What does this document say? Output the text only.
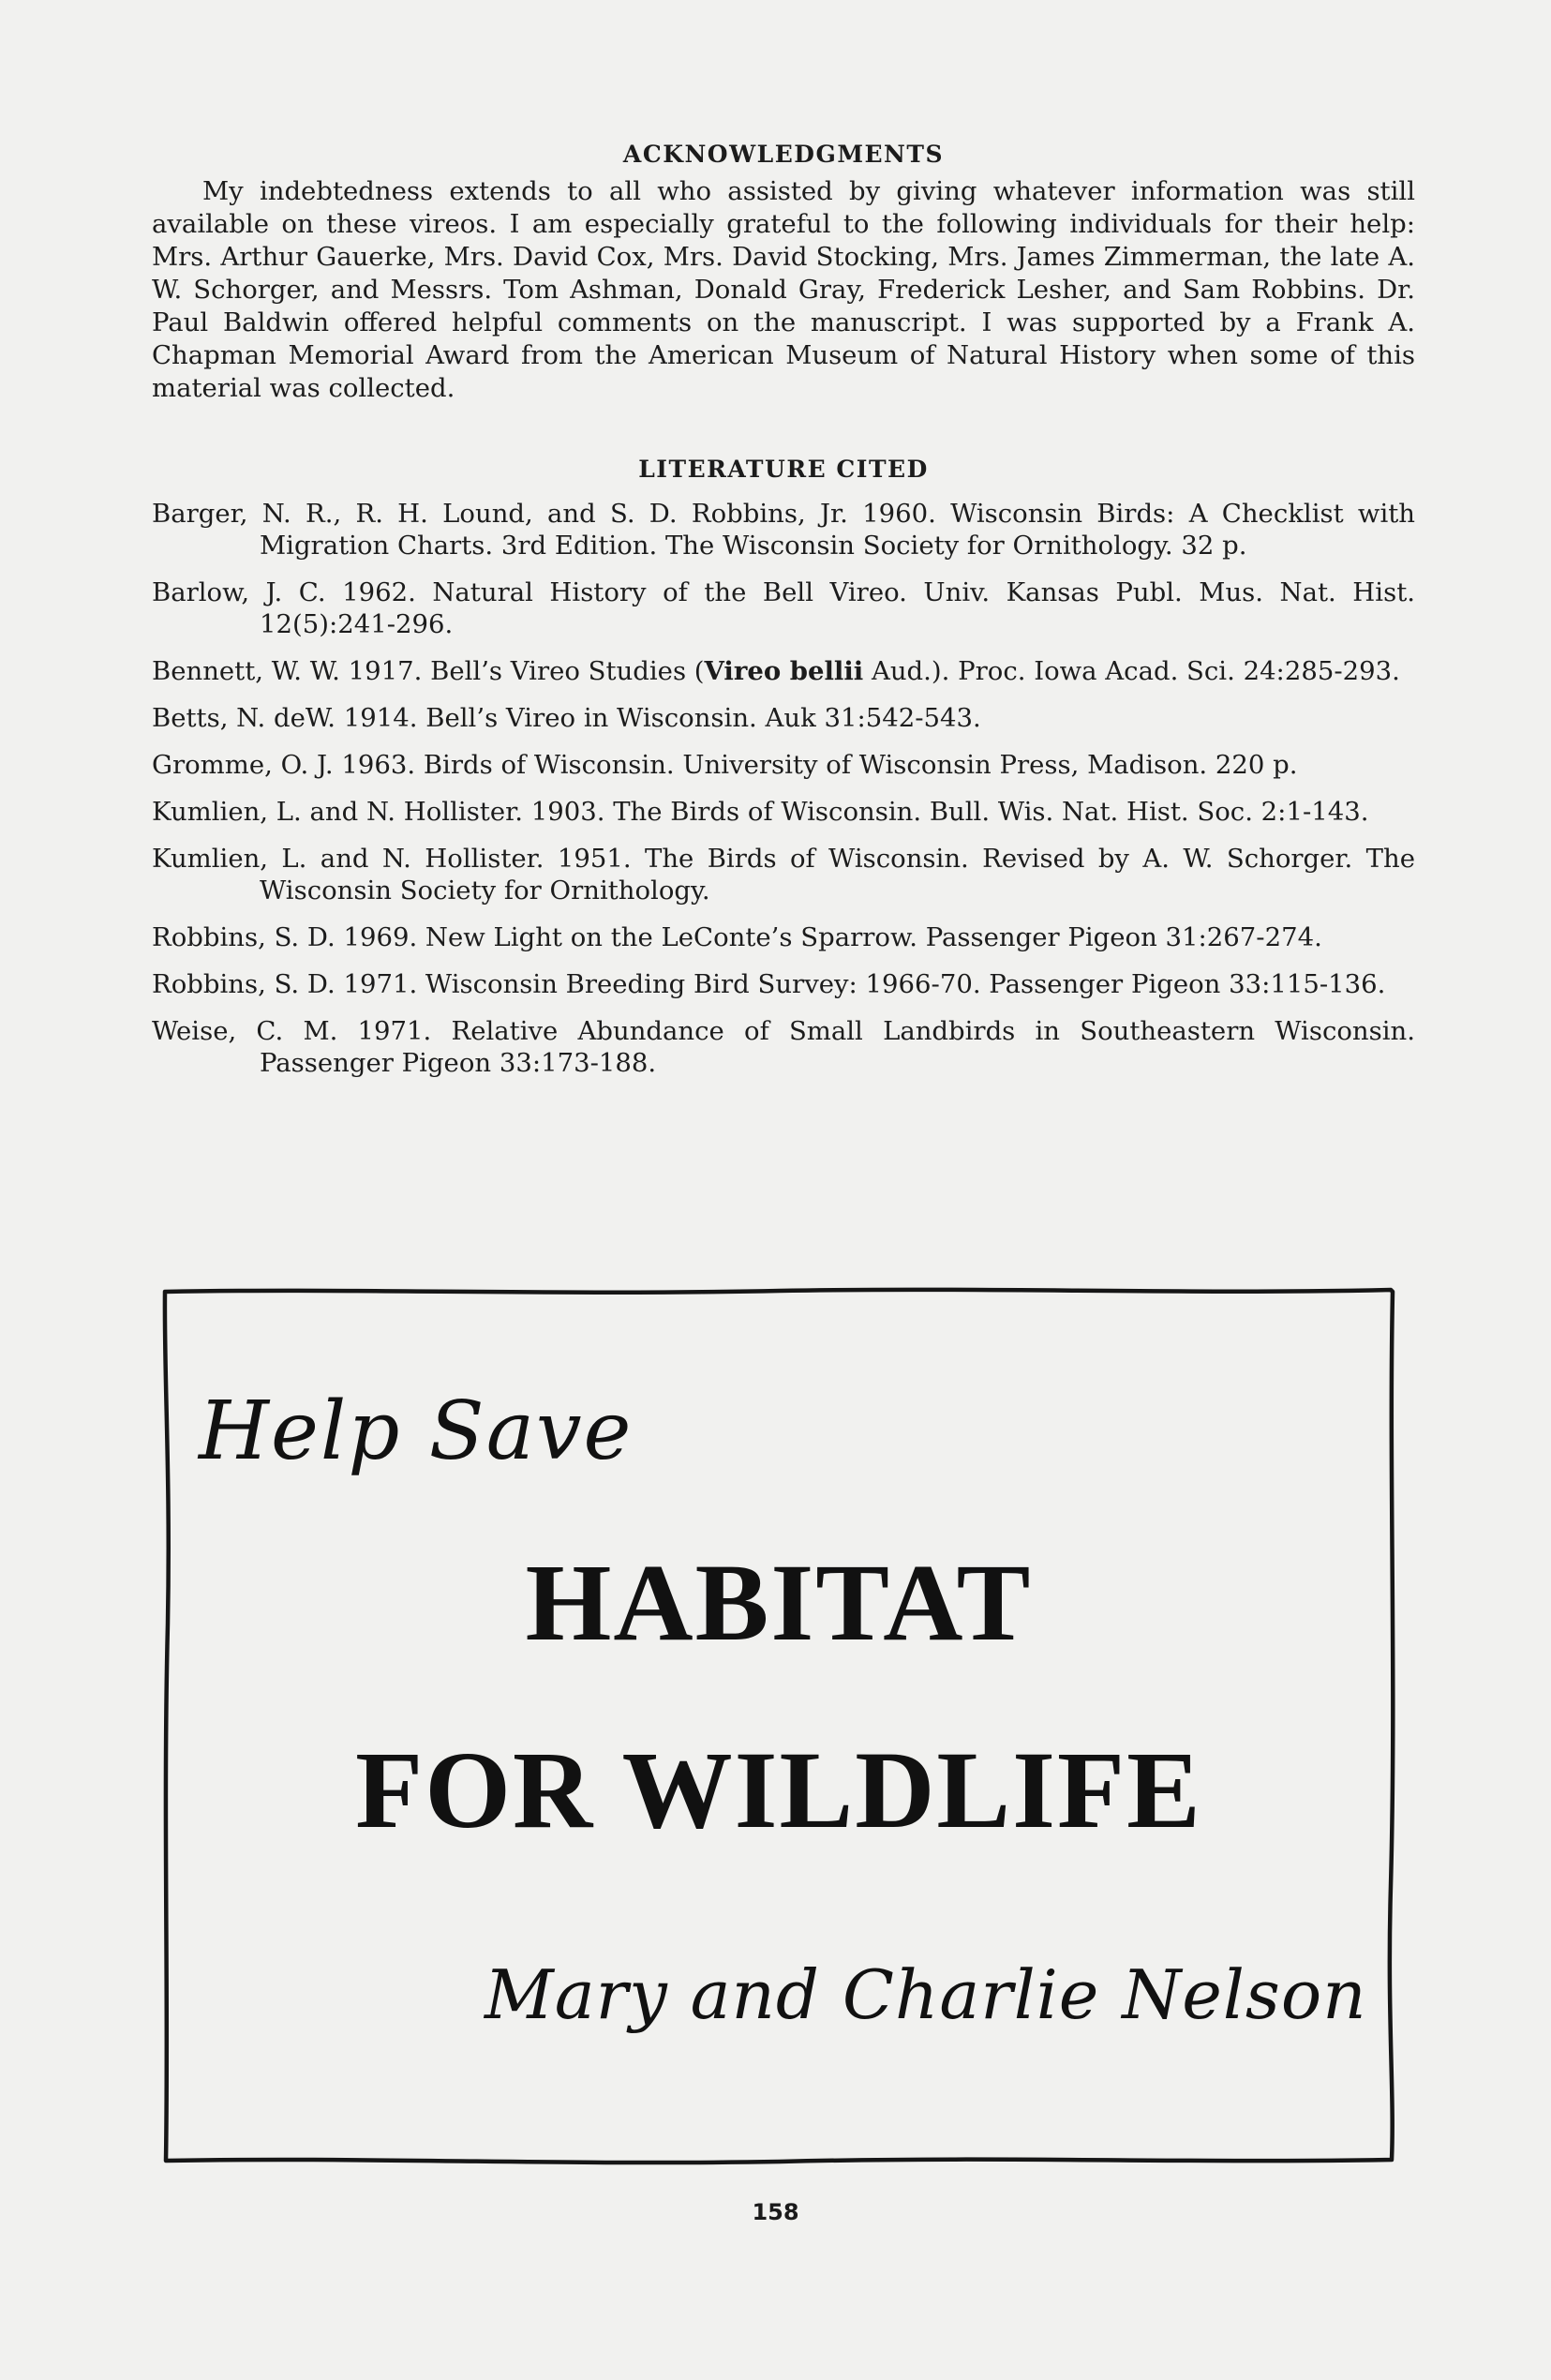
ACKNOWLEDGMENTS

My indebtedness extends to all who assisted by giving whatever information was still available on these vireos. I am especially grateful to the following individuals for their help: Mrs. Arthur Gauerke, Mrs. David Cox, Mrs. David Stocking, Mrs. James Zimmerman, the late A. W. Schorger, and Messrs. Tom Ashman, Donald Gray, Frederick Lesher, and Sam Robbins. Dr. Paul Baldwin offered helpful comments on the manuscript. I was supported by a Frank A. Chapman Memorial Award from the American Museum of Natural History when some of this material was collected.

LITERATURE CITED
Barger, N. R., R. H. Lound, and S. D. Robbins, Jr. 1960. Wisconsin Birds: A Checklist with Migration Charts. 3rd Edition. The Wisconsin Society for Ornithology. 32 p.
Barlow, J. C. 1962. Natural History of the Bell Vireo. Univ. Kansas Publ. Mus. Nat. Hist. 12(5):241-296.
Bennett, W. W. 1917. Bell’s Vireo Studies (Vireo bellii Aud.). Proc. Iowa Acad. Sci. 24:285-293.
Betts, N. deW. 1914. Bell’s Vireo in Wisconsin. Auk 31:542-543.
Gromme, O. J. 1963. Birds of Wisconsin. University of Wisconsin Press, Madison. 220 p.
Kumlien, L. and N. Hollister. 1903. The Birds of Wisconsin. Bull. Wis. Nat. Hist. Soc. 2:1-143.
Kumlien, L. and N. Hollister. 1951. The Birds of Wisconsin. Revised by A. W. Schorger. The Wisconsin Society for Ornithology.
Robbins, S. D. 1969. New Light on the LeConte’s Sparrow. Passenger Pigeon 31:267-274.
Robbins, S. D. 1971. Wisconsin Breeding Bird Survey: 1966-70. Passenger Pigeon 33:115-136.
Weise, C. M. 1971. Relative Abundance of Small Landbirds in Southeastern Wisconsin. Passenger Pigeon 33:173-188.
Help Save
HABITAT
FOR WILDLIFE
Mary and Charlie Nelson
158
